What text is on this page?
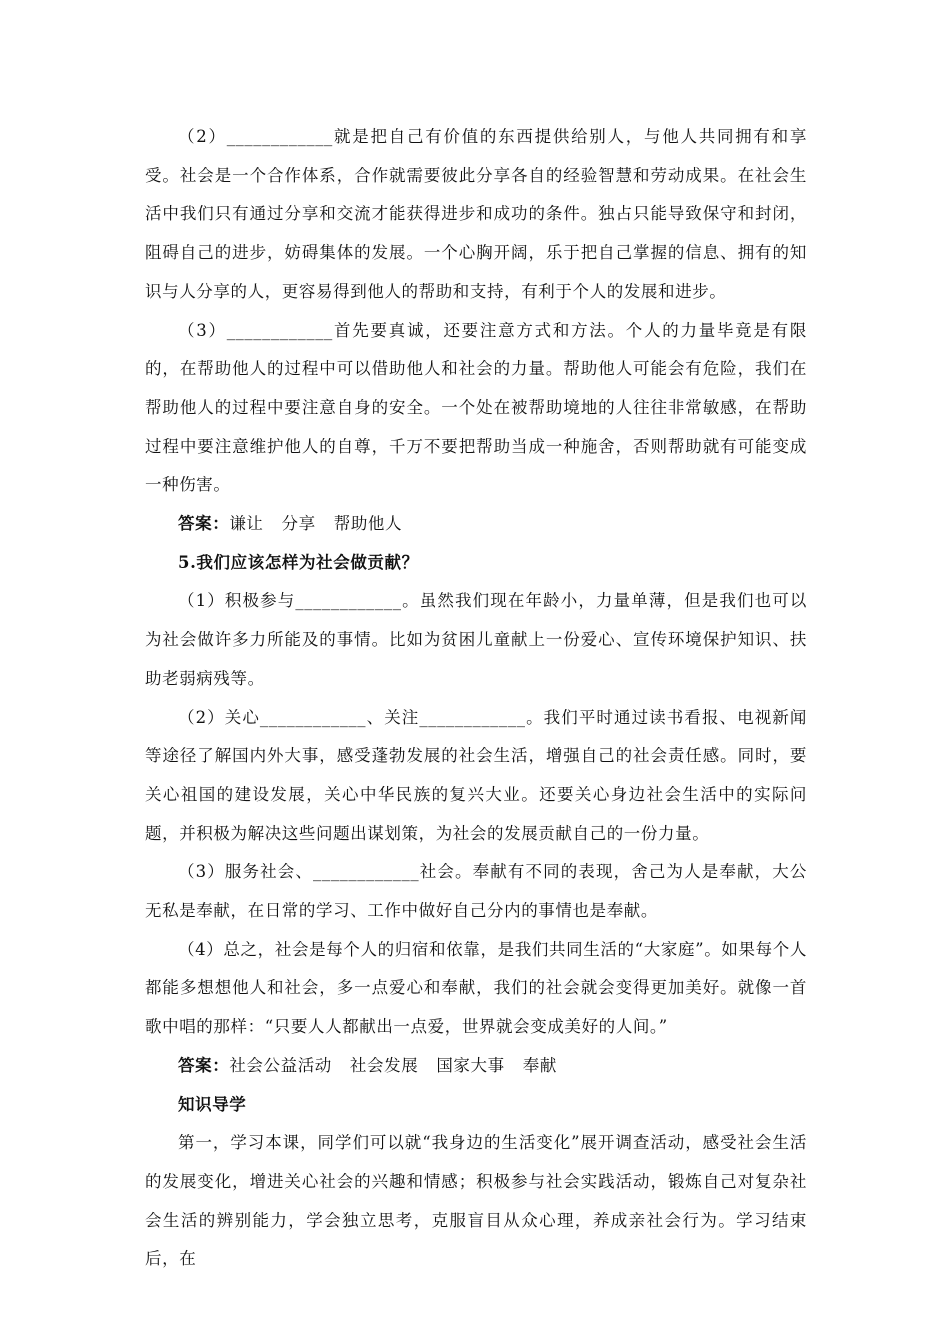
（2）____________就是把自己有价值的东西提供给别人，与他人共同拥有和享受。社会是一个合作体系，合作就需要彼此分享各自的经验智慧和劳动成果。在社会生活中我们只有通过分享和交流才能获得进步和成功的条件。独占只能导致保守和封闭，阻碍自己的进步，妨碍集体的发展。一个心胸开阔，乐于把自己掌握的信息、拥有的知识与人分享的人，更容易得到他人的帮助和支持，有利于个人的发展和进步。

（3）____________首先要真诚，还要注意方式和方法。个人的力量毕竟是有限的，在帮助他人的过程中可以借助他人和社会的力量。帮助他人可能会有危险，我们在帮助他人的过程中要注意自身的安全。一个处在被帮助境地的人往往非常敏感，在帮助过程中要注意维护他人的自尊，千万不要把帮助当成一种施舍，否则帮助就有可能变成一种伤害。

答案：谦让 分享 帮助他人

5.我们应该怎样为社会做贡献？

（1）积极参与____________。虽然我们现在年龄小，力量单薄，但是我们也可以为社会做许多力所能及的事情。比如为贫困儿童献上一份爱心、宣传环境保护知识、扶助老弱病残等。

（2）关心____________、关注____________。我们平时通过读书看报、电视新闻等途径了解国内外大事，感受蓬勃发展的社会生活，增强自己的社会责任感。同时，要关心祖国的建设发展，关心中华民族的复兴大业。还要关心身边社会生活中的实际问题，并积极为解决这些问题出谋划策，为社会的发展贡献自己的一份力量。

（3）服务社会、____________社会。奉献有不同的表现，舍己为人是奉献，大公无私是奉献，在日常的学习、工作中做好自己分内的事情也是奉献。

（4）总之，社会是每个人的归宿和依靠，是我们共同生活的“大家庭”。如果每个人都能多想想他人和社会，多一点爱心和奉献，我们的社会就会变得更加美好。就像一首歌中唱的那样：“只要人人都献出一点爱，世界就会变成美好的人间。”

答案：社会公益活动 社会发展 国家大事 奉献

知识导学

第一，学习本课，同学们可以就“我身边的生活变化”展开调查活动，感受社会生活的发展变化，增进关心社会的兴趣和情感；积极参与社会实践活动，锻炼自己对复杂社会生活的辨别能力，学会独立思考，克服盲目从众心理，养成亲社会行为。学习结束后，在
